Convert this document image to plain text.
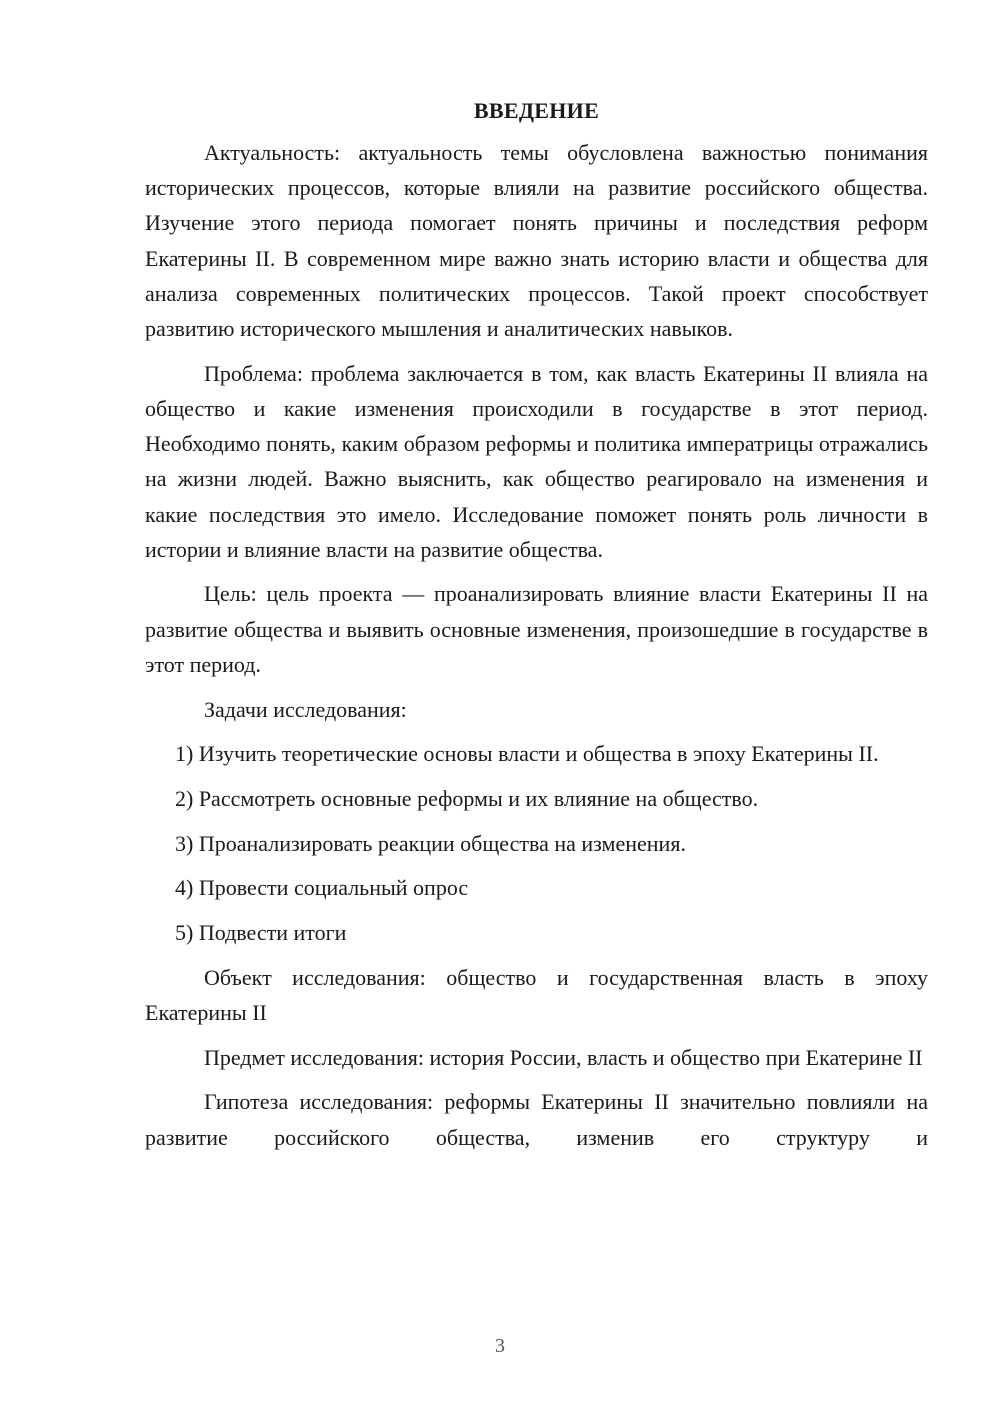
ВВЕДЕНИЕ

Актуальность: актуальность темы обусловлена важностью понимания исторических процессов, которые влияли на развитие российского общества. Изучение этого периода помогает понять причины и последствия реформ Екатерины II. В современном мире важно знать историю власти и общества для анализа современных политических процессов. Такой проект способствует развитию исторического мышления и аналитических навыков.

Проблема: проблема заключается в том, как власть Екатерины II влияла на общество и какие изменения происходили в государстве в этот период. Необходимо понять, каким образом реформы и политика императрицы отражались на жизни людей. Важно выяснить, как общество реагировало на изменения и какие последствия это имело. Исследование поможет понять роль личности в истории и влияние власти на развитие общества.

Цель: цель проекта — проанализировать влияние власти Екатерины II на развитие общества и выявить основные изменения, произошедшие в государстве в этот период.

Задачи исследования:

1) Изучить теоретические основы власти и общества в эпоху Екатерины II.

2) Рассмотреть основные реформы и их влияние на общество.

3) Проанализировать реакции общества на изменения.

4) Провести социальный опрос

5) Подвести итоги

Объект исследования: общество и государственная власть в эпоху Екатерины II

Предмет исследования: история России, власть и общество при Екатерине II

Гипотеза исследования: реформы Екатерины II значительно повлияли на развитие российского общества, изменив его структуру и

3
